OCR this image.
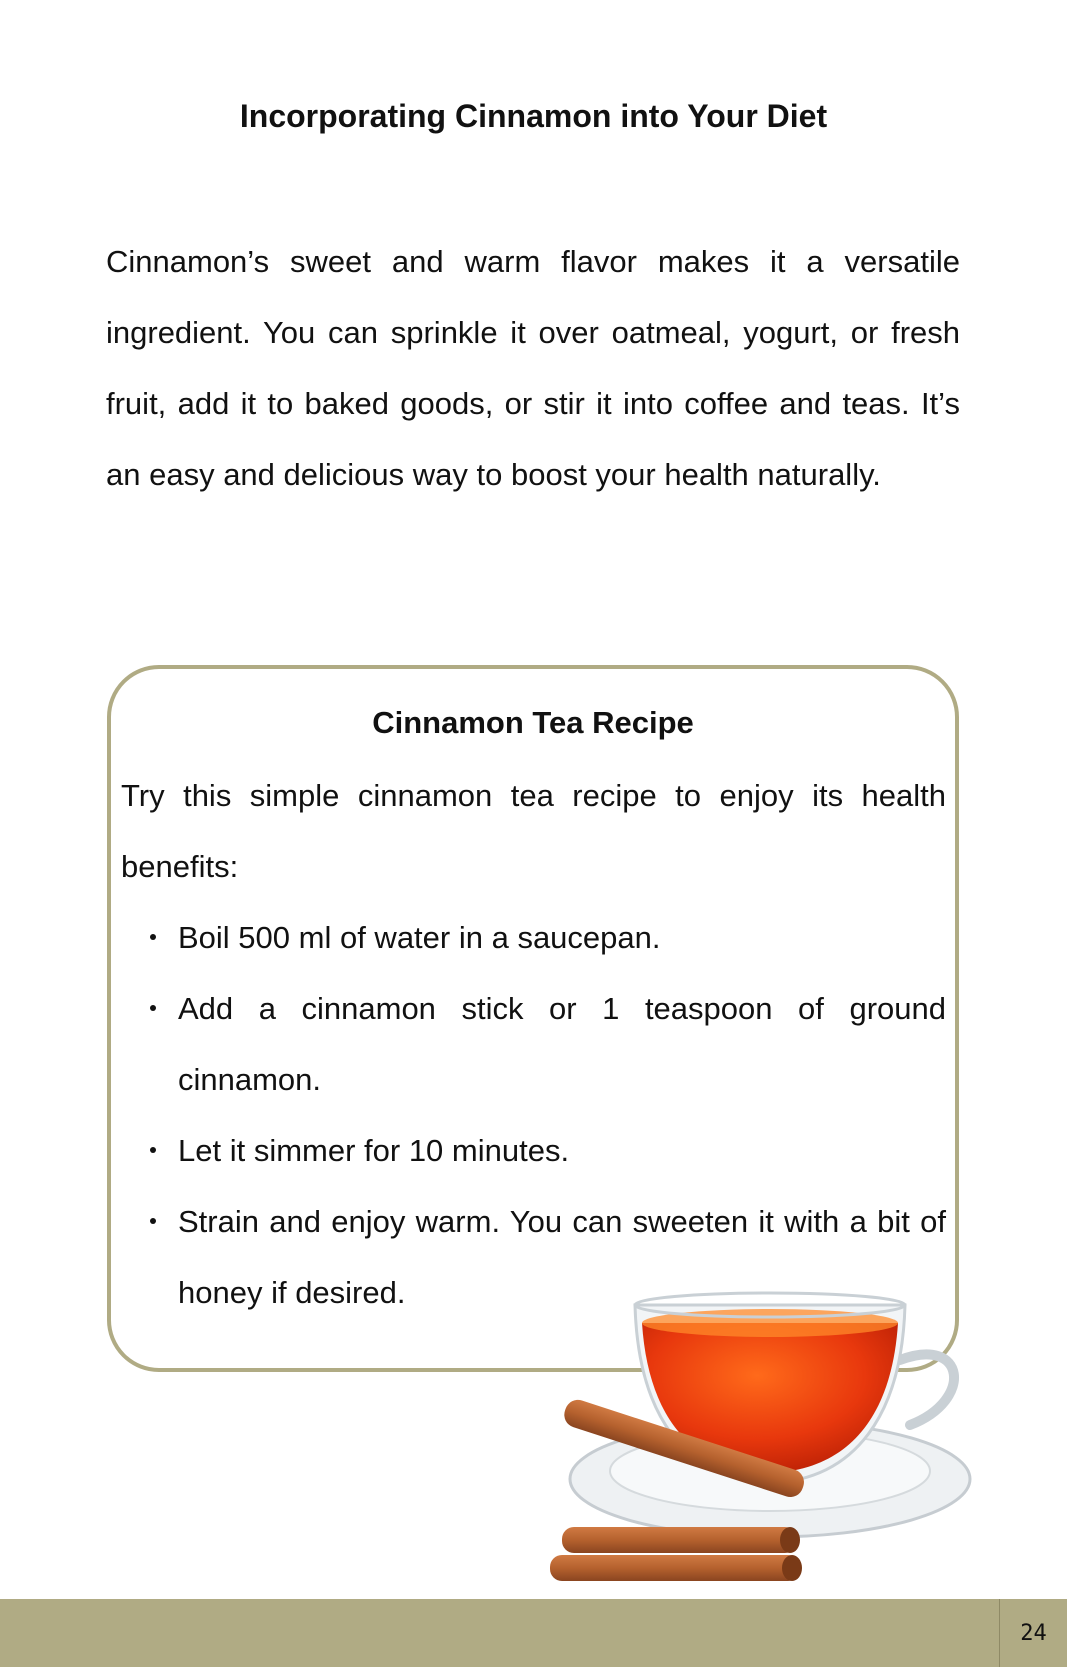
Incorporating Cinnamon into Your Diet

Cinnamon’s sweet and warm flavor makes it a versatile ingredient. You can sprinkle it over oatmeal, yogurt, or fresh fruit, add it to baked goods, or stir it into coffee and teas. It’s an easy and delicious way to boost your health naturally.

Cinnamon Tea Recipe

Try this simple cinnamon tea recipe to enjoy its health benefits:

Boil 500 ml of water in a saucepan.
Add a cinnamon stick or 1 teaspoon of ground cinnamon.
Let it simmer for 10 minutes.
Strain and enjoy warm. You can sweeten it with a bit of honey if desired.
24
